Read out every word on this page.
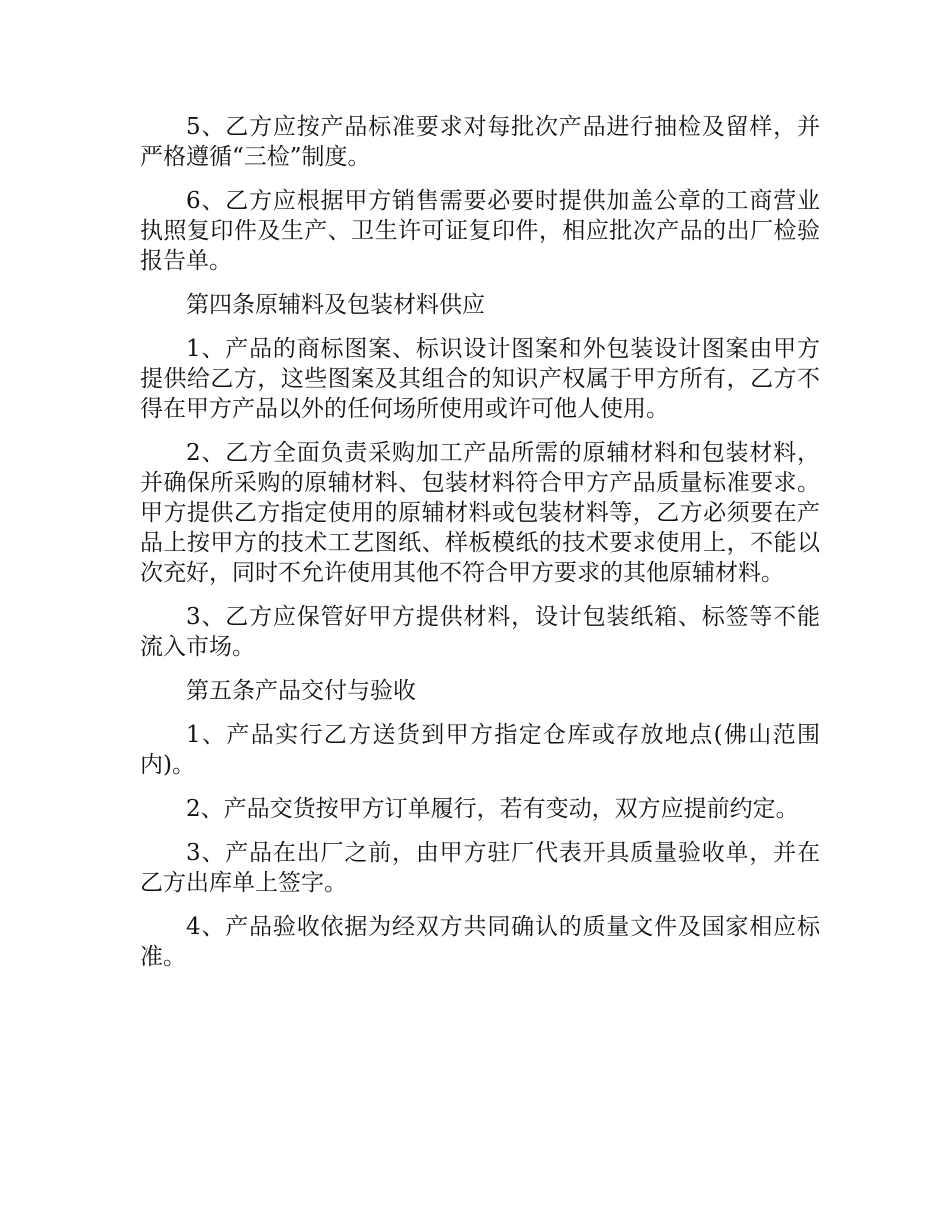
5、乙方应按产品标准要求对每批次产品进行抽检及留样，并严格遵循“三检”制度。

6、乙方应根据甲方销售需要必要时提供加盖公章的工商营业执照复印件及生产、卫生许可证复印件，相应批次产品的出厂检验报告单。

第四条原辅料及包装材料供应

1、产品的商标图案、标识设计图案和外包装设计图案由甲方提供给乙方，这些图案及其组合的知识产权属于甲方所有，乙方不得在甲方产品以外的任何场所使用或许可他人使用。

2、乙方全面负责采购加工产品所需的原辅材料和包装材料，并确保所采购的原辅材料、包装材料符合甲方产品质量标准要求。甲方提供乙方指定使用的原辅材料或包装材料等，乙方必须要在产品上按甲方的技术工艺图纸、样板模纸的技术要求使用上，不能以次充好，同时不允许使用其他不符合甲方要求的其他原辅材料。

3、乙方应保管好甲方提供材料，设计包装纸箱、标签等不能流入市场。

第五条产品交付与验收

1、产品实行乙方送货到甲方指定仓库或存放地点(佛山范围内)。

2、产品交货按甲方订单履行，若有变动，双方应提前约定。

3、产品在出厂之前，由甲方驻厂代表开具质量验收单，并在乙方出库单上签字。

4、产品验收依据为经双方共同确认的质量文件及国家相应标准。
